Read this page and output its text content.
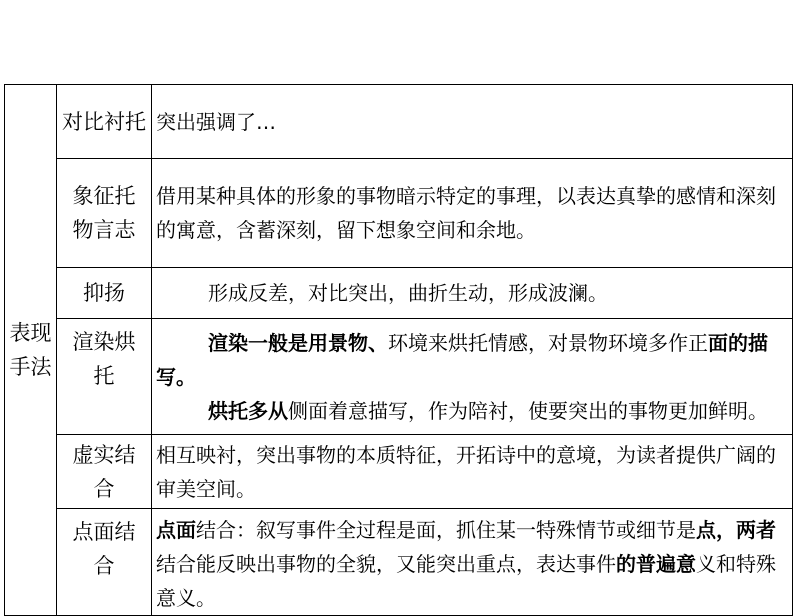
表现手法	对比衬托	突出强调了…
	象征托物言志	借用某种具体的形象的事物暗示特定的事理，以表达真挚的感情和深刻的寓意，含蓄深刻，留下想象空间和余地。
	抑扬	形成反差，对比突出，曲折生动，形成波澜。
	渲染烘托	渲染一般是用景物、环境来烘托情感，对景物环境多作正面的描写。
烘托多从侧面着意描写，作为陪衬，使要突出的事物更加鲜明。

	虚实结合	相互映衬，突出事物的本质特征，开拓诗中的意境，为读者提供广阔的审美空间。
	点面结合	点面结合：叙写事件全过程是面，抓住某一特殊情节或细节是点，两者结合能反映出事物的全貌，又能突出重点，表达事件的普遍意义和特殊意义。
